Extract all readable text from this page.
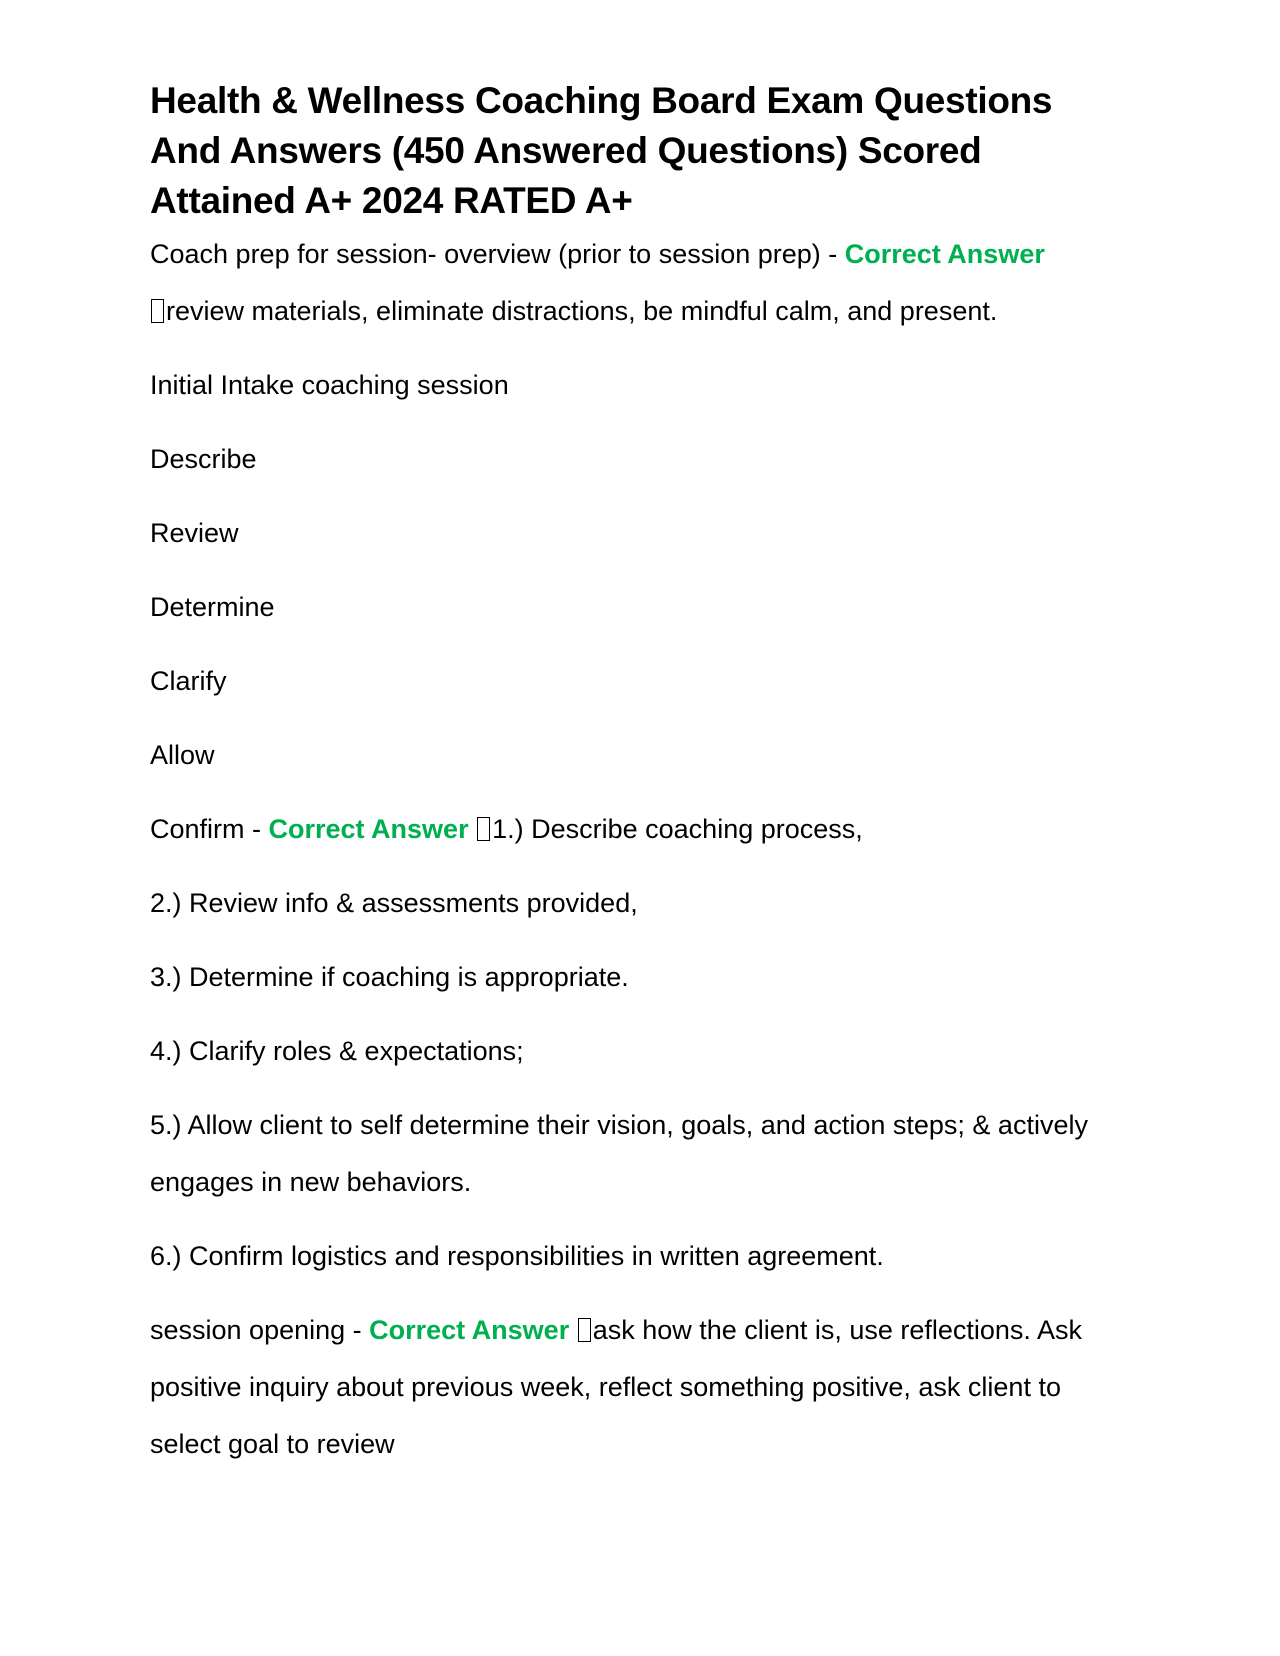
Health & Wellness Coaching Board Exam Questions And Answers (450 Answered Questions) Scored Attained A+ 2024 RATED A+

Coach prep for session- overview (prior to session prep) - Correct Answer
review materials, eliminate distractions, be mindful calm, and present.

Initial Intake coaching session

Describe

Review

Determine

Clarify

Allow

Confirm - Correct Answer 1.) Describe coaching process,

2.) Review info & assessments provided,

3.) Determine if coaching is appropriate.

4.) Clarify roles & expectations;

5.) Allow client to self determine their vision, goals, and action steps; & actively engages in new behaviors.

6.) Confirm logistics and responsibilities in written agreement.

session opening - Correct Answer ask how the client is, use reflections. Ask positive inquiry about previous week, reflect something positive, ask client to select goal to review
